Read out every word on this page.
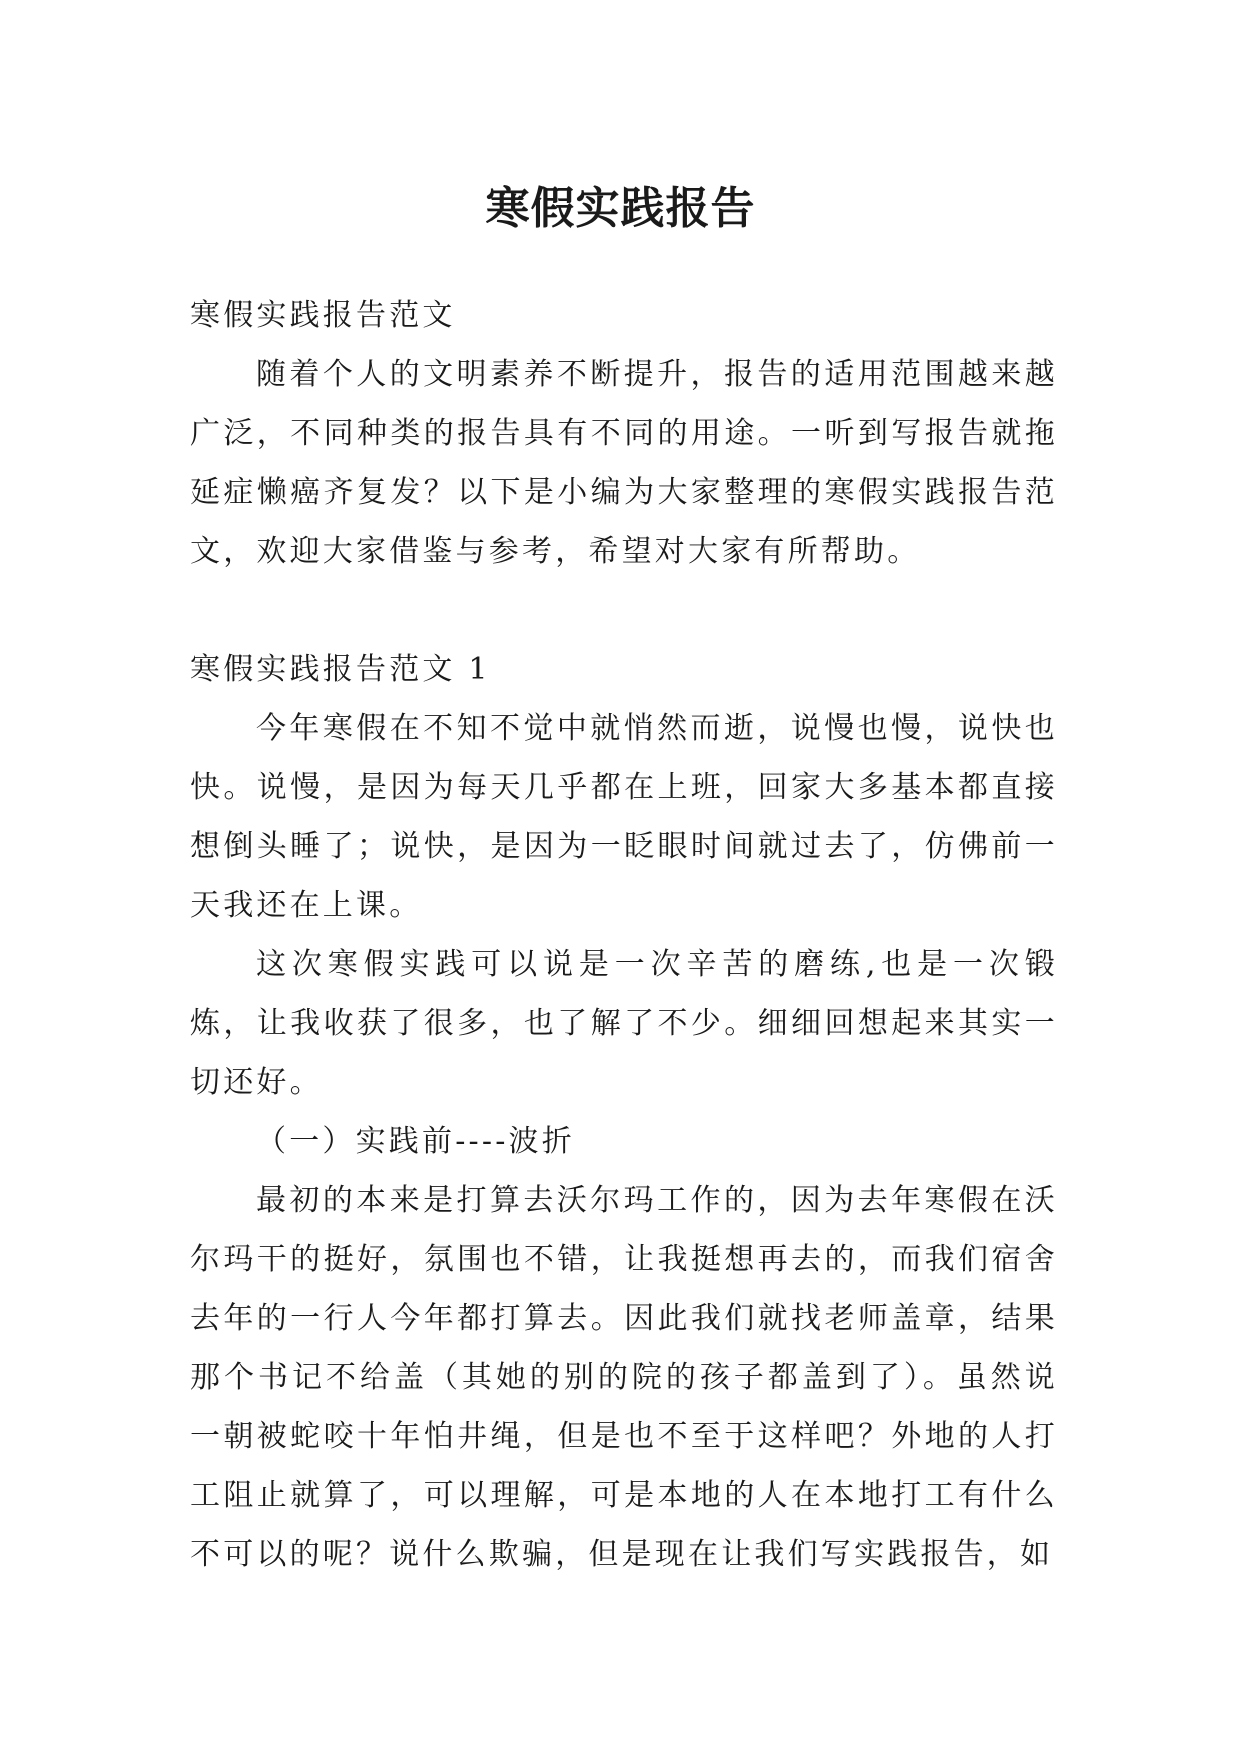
寒假实践报告

寒假实践报告范文

随着个人的文明素养不断提升，报告的适用范围越来越广泛，不同种类的报告具有不同的用途。一听到写报告就拖延症懒癌齐复发？以下是小编为大家整理的寒假实践报告范文，欢迎大家借鉴与参考，希望对大家有所帮助。

寒假实践报告范文 1

今年寒假在不知不觉中就悄然而逝，说慢也慢，说快也快。说慢，是因为每天几乎都在上班，回家大多基本都直接想倒头睡了；说快，是因为一眨眼时间就过去了，仿佛前一天我还在上课。

这次寒假实践可以说是一次辛苦的磨练,也是一次锻炼，让我收获了很多，也了解了不少。细细回想起来其实一切还好。

（一）实践前----波折

最初的本来是打算去沃尔玛工作的，因为去年寒假在沃尔玛干的挺好，氛围也不错，让我挺想再去的，而我们宿舍去年的一行人今年都打算去。因此我们就找老师盖章，结果那个书记不给盖（其她的别的院的孩子都盖到了）。虽然说一朝被蛇咬十年怕井绳，但是也不至于这样吧？外地的人打工阻止就算了，可以理解，可是本地的人在本地打工有什么不可以的呢？说什么欺骗，但是现在让我们写实践报告，如
